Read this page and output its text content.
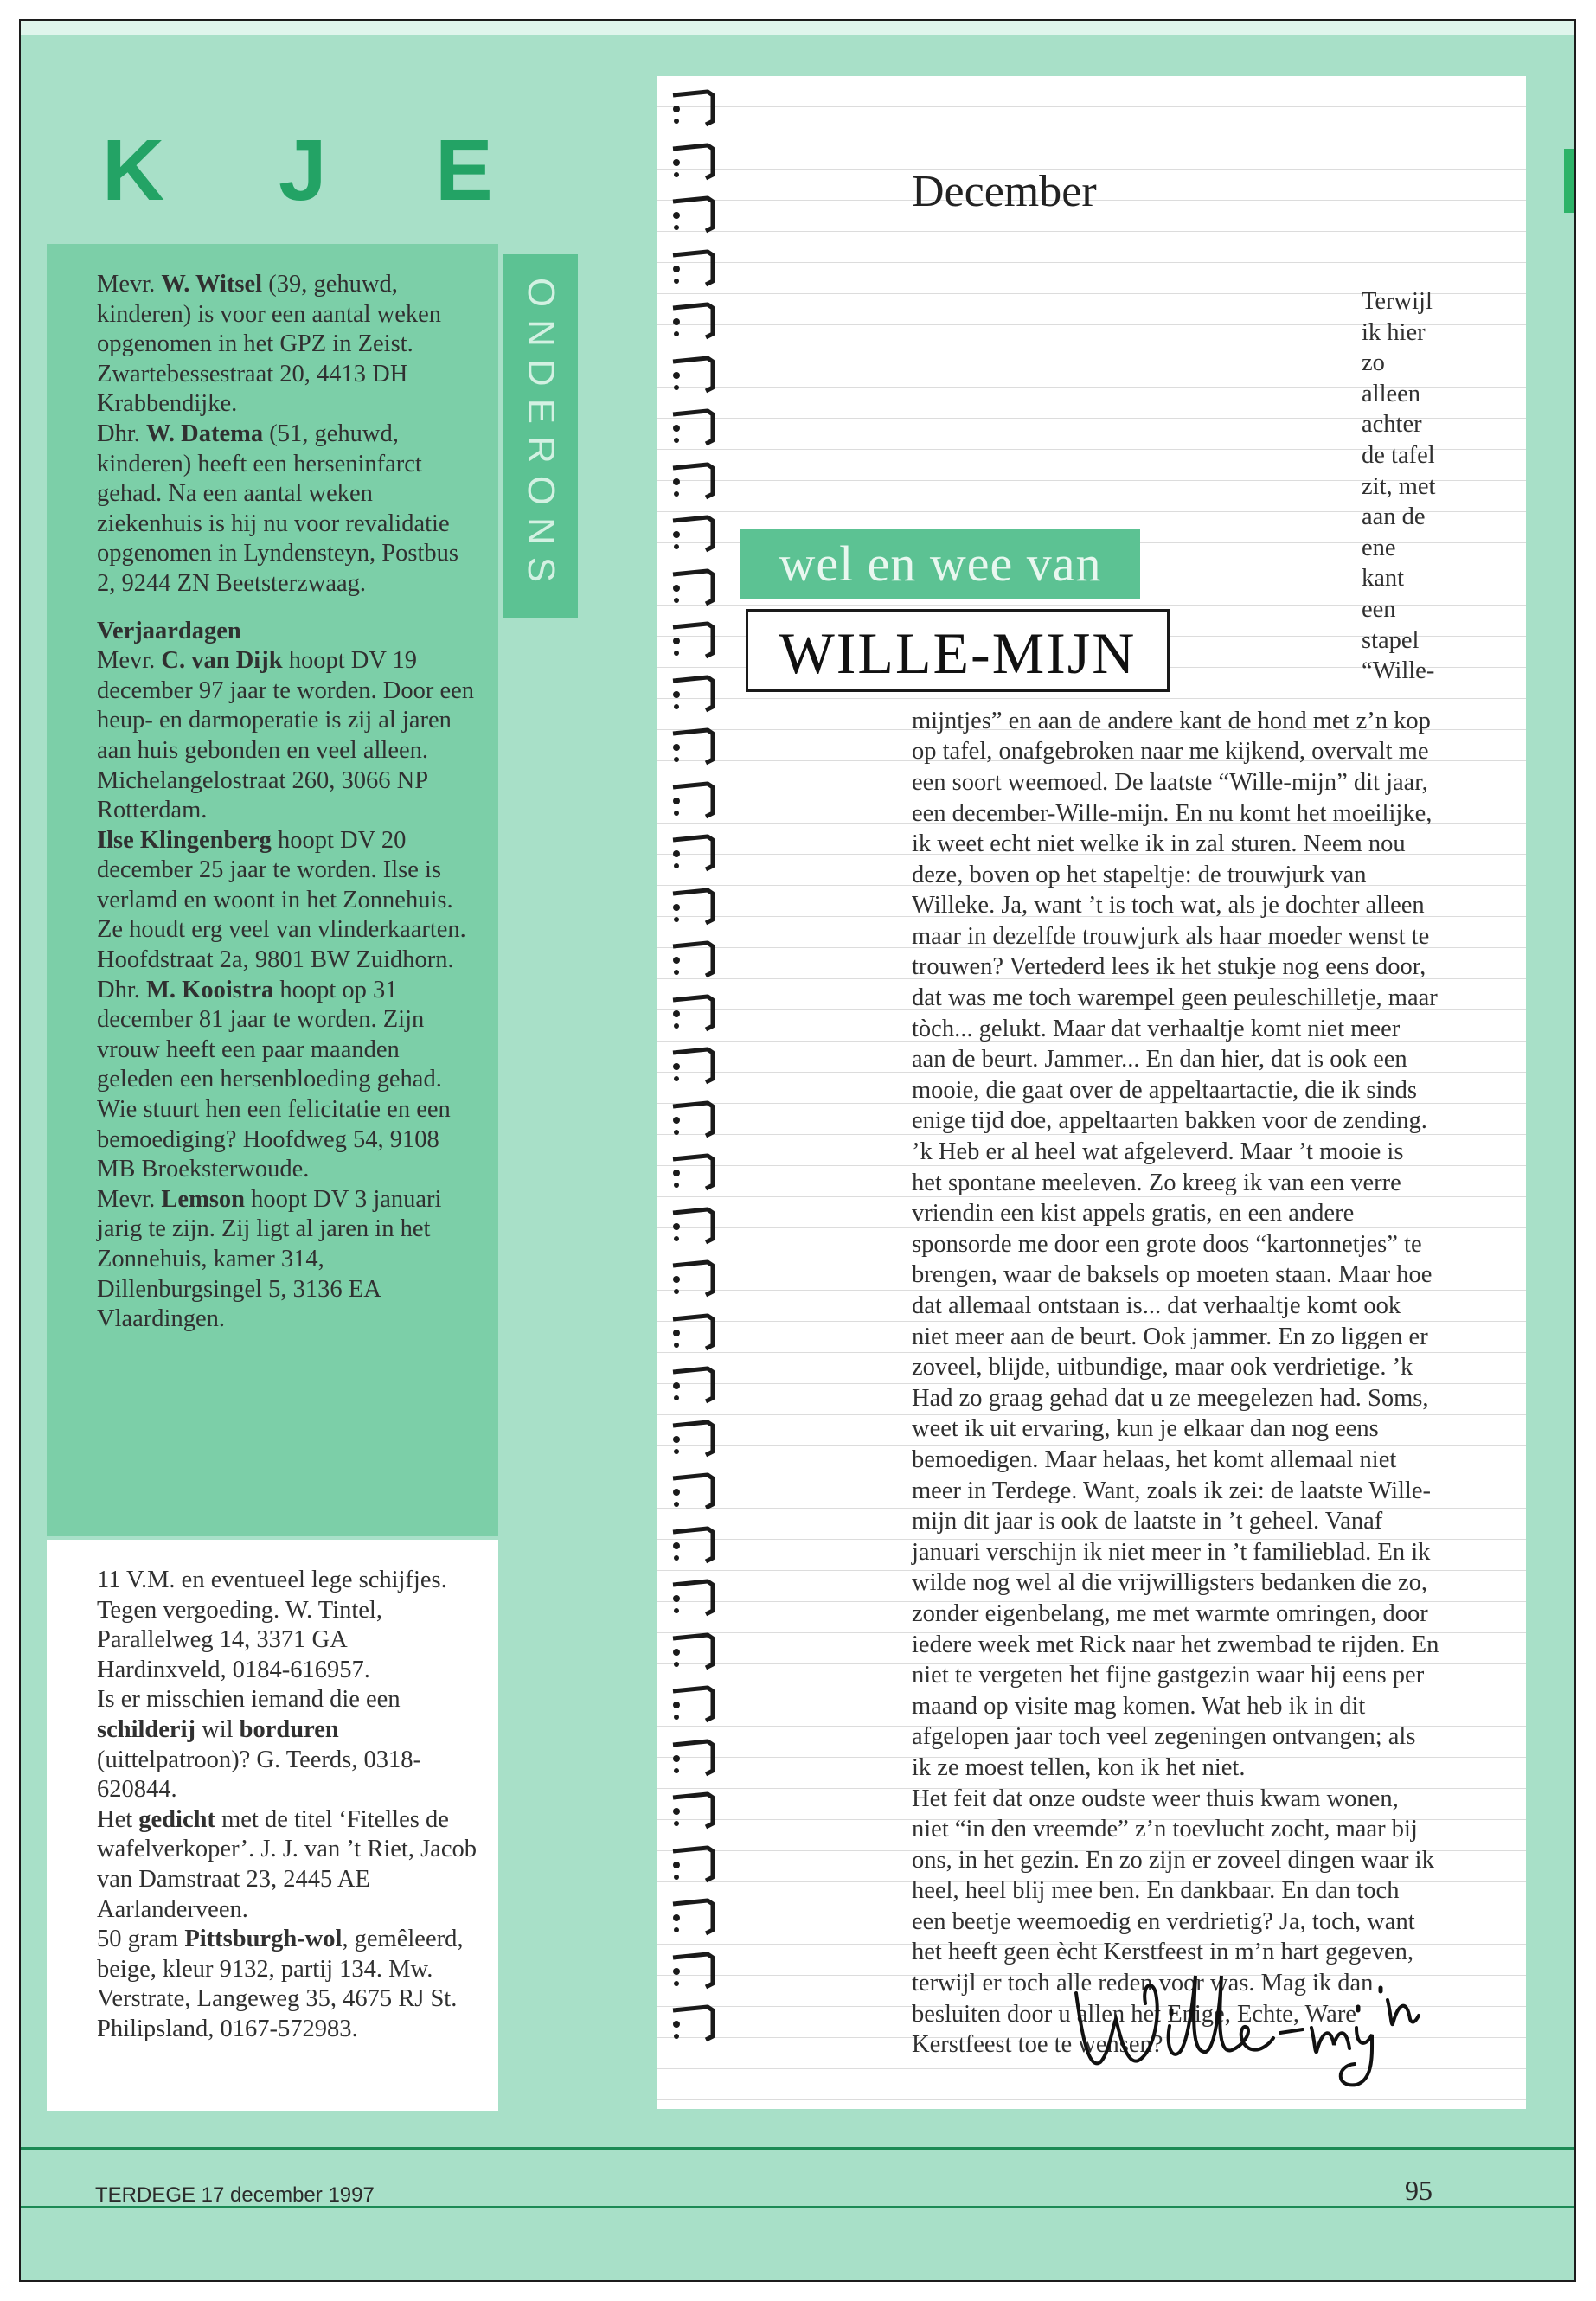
K J E
ONDERONS

Mevr. W. Witsel (39, gehuwd, kinderen) is voor een aantal weken opgenomen in het GPZ in Zeist. Zwartebessestraat 20, 4413 DH Krabbendijke.

Dhr. W. Datema (51, gehuwd, kinderen) heeft een herseninfarct gehad. Na een aantal weken ziekenhuis is hij nu voor revalidatie opgenomen in Lyndensteyn, Postbus 2, 9244 ZN Beetsterzwaag.

Verjaardagen

Mevr. C. van Dijk hoopt DV 19 december 97 jaar te worden. Door een heup- en darmoperatie is zij al jaren aan huis gebonden en veel alleen. Michelangelostraat 260, 3066 NP Rotterdam.

Ilse Klingenberg hoopt DV 20 december 25 jaar te worden. Ilse is verlamd en woont in het Zonnehuis. Ze houdt erg veel van vlinderkaarten. Hoofdstraat 2a, 9801 BW Zuidhorn.

Dhr. M. Kooistra hoopt op 31 december 81 jaar te worden. Zijn vrouw heeft een paar maanden geleden een hersenbloeding gehad. Wie stuurt hen een felicitatie en een bemoediging? Hoofdweg 54, 9108 MB Broeksterwoude.

Mevr. Lemson hoopt DV 3 januari jarig te zijn. Zij ligt al jaren in het Zonnehuis, kamer 314, Dillenburgsingel 5, 3136 EA Vlaardingen.

11 V.M. en eventueel lege schijfjes. Tegen vergoeding. W. Tintel, Parallelweg 14, 3371 GA Hardinxveld, 0184-616957.

Is er misschien iemand die een schilderij wil borduren (uittelpatroon)? G. Teerds, 0318-620844.

Het gedicht met de titel ‘Fitelles de wafelverkoper’. J. J. van ’t Riet, Jacob van Damstraat 23, 2445 AE Aarlanderveen.

50 gram Pittsburgh-wol, gemêleerd, beige, kleur 9132, partij 134. Mw. Verstrate, Langeweg 35, 4675 RJ St. Philipsland, 0167-572983.

December

Terwijl ik hier zo alleen achter de tafel zit, met aan de ene kant een stapel “Wille-mijntjes” en aan de andere kant de hond met z’n kop op tafel, onafgebroken naar me kijkend, overvalt me een soort weemoed. De laatste “Wille-mijn” dit jaar, een december-Wille-mijn. En nu komt het moeilijke, ik weet echt niet welke ik in zal sturen. Neem nou deze, boven op het stapeltje: de trouwjurk van Willeke. Ja, want ’t is toch wat, als je dochter alleen maar in dezelfde trouwjurk als haar moeder wenst te trouwen? Vertederd lees ik het stukje nog eens door, dat was me toch warempel geen peuleschilletje, maar tòch... gelukt. Maar dat verhaaltje komt niet meer aan de beurt. Jammer... En dan hier, dat is ook een mooie, die gaat over de appeltaartactie, die ik sinds enige tijd doe, appeltaarten bakken voor de zending. ’k Heb er al heel wat afgeleverd. Maar ’t mooie is het spontane meeleven. Zo kreeg ik van een verre vriendin een kist appels gratis, en een andere sponsorde me door een grote doos “kartonnetjes” te brengen, waar de baksels op moeten staan. Maar hoe dat allemaal ontstaan is... dat verhaaltje komt ook niet meer aan de beurt. Ook jammer. En zo liggen er zoveel, blijde, uitbundige, maar ook verdrietige. ’k Had zo graag gehad dat u ze meegelezen had. Soms, weet ik uit ervaring, kun je elkaar dan nog eens bemoedigen. Maar helaas, het komt allemaal niet meer in Terdege. Want, zoals ik zei: de laatste Wille-mijn dit jaar is ook de laatste in ’t geheel. Vanaf januari verschijn ik niet meer in ’t familieblad. En ik wilde nog wel al die vrijwilligsters bedanken die zo, zonder eigenbelang, me met warmte omringen, door iedere week met Rick naar het zwembad te rijden. En niet te vergeten het fijne gastgezin waar hij eens per maand op visite mag komen. Wat heb ik in dit afgelopen jaar toch veel zegeningen ontvangen; als ik ze moest tellen, kon ik het niet.

Het feit dat onze oudste weer thuis kwam wonen, niet “in den vreemde” z’n toevlucht zocht, maar bij ons, in het gezin. En zo zijn er zoveel dingen waar ik heel, heel blij mee ben. En dankbaar. En dan toch een beetje weemoedig en verdrietig? Ja, toch, want het heeft geen ècht Kerstfeest in m’n hart gegeven, terwijl er toch alle reden voor was. Mag ik dan besluiten door u allen het Enige, Echte, Ware Kerstfeest toe te wensen?

wel en wee van
WILLE-MIJN
TERDEGE 17 december 1997	95
